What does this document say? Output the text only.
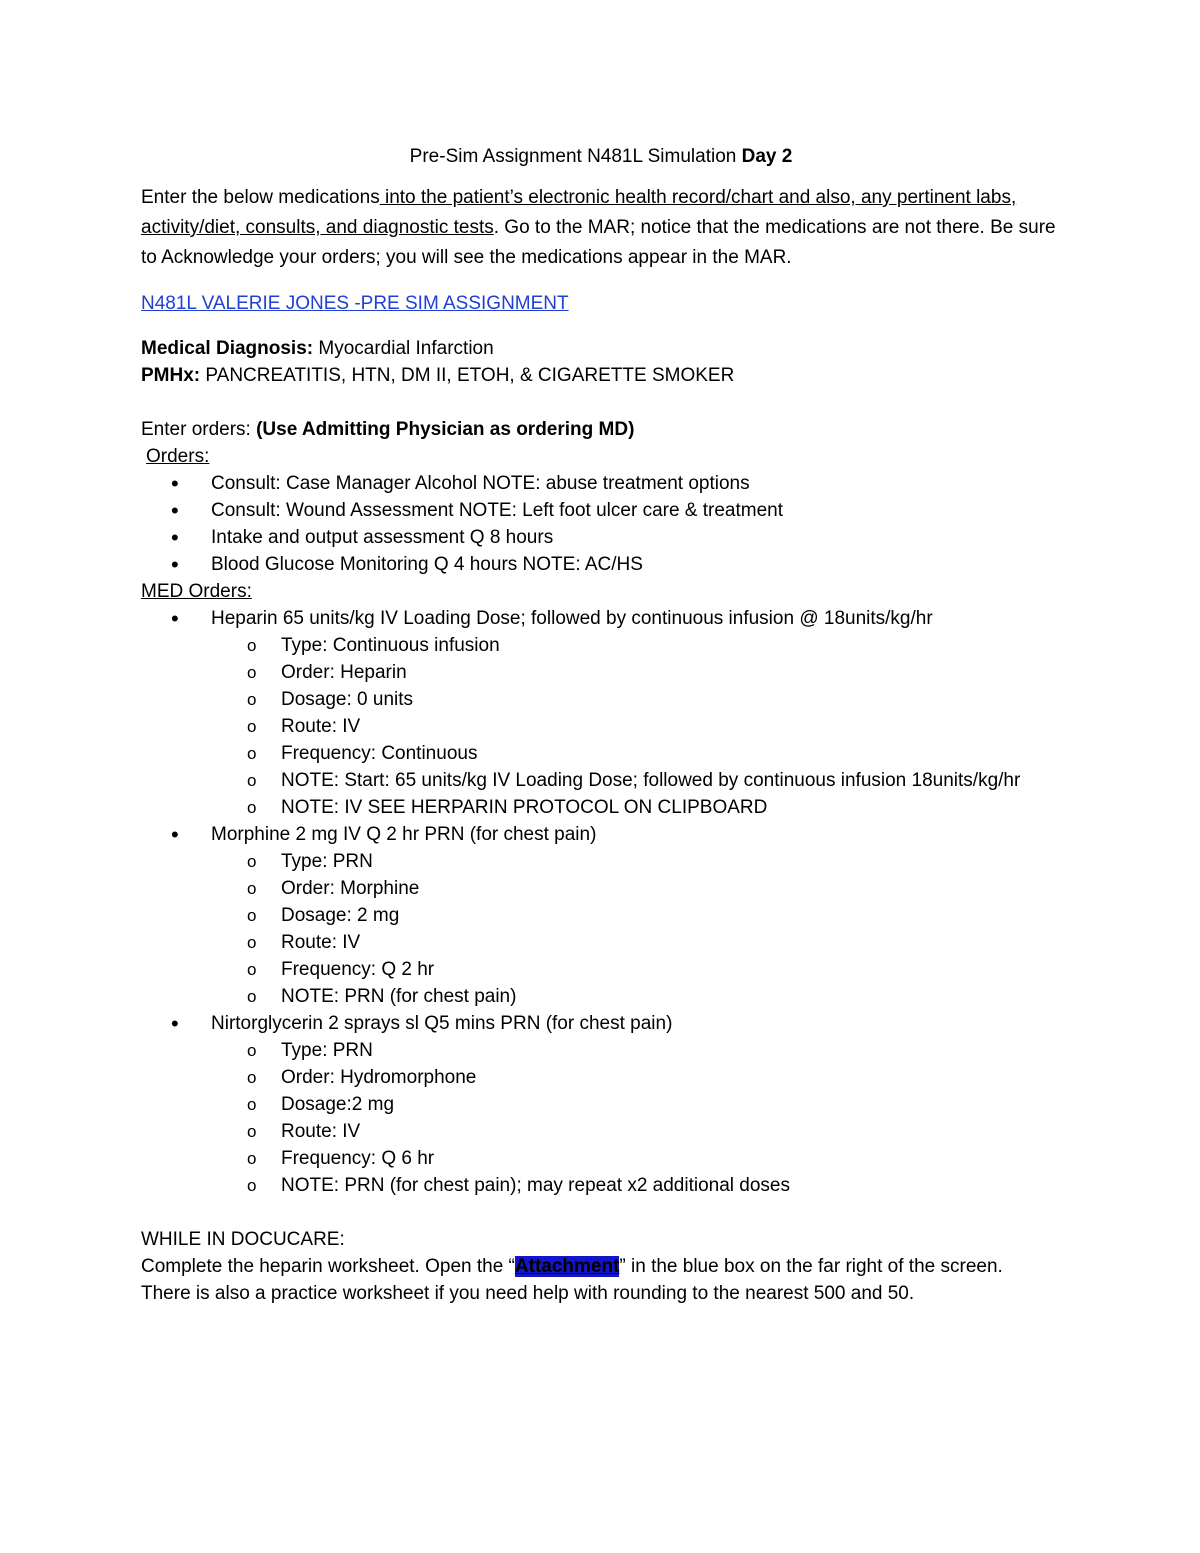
Pre-Sim Assignment N481L Simulation Day 2

Enter the below medications into the patient’s electronic health record/chart and also, any pertinent labs, activity/diet, consults, and diagnostic tests. Go to the MAR; notice that the medications are not there. Be sure to Acknowledge your orders; you will see the medications appear in the MAR.

N481L VALERIE JONES -PRE SIM ASSIGNMENT

Medical Diagnosis: Myocardial Infarction

PMHx: PANCREATITIS, HTN, DM II, ETOH, & CIGARETTE SMOKER

Enter orders: (Use Admitting Physician as ordering MD)

Orders:

• Consult: Case Manager Alcohol NOTE: abuse treatment options
• Consult: Wound Assessment NOTE: Left foot ulcer care & treatment
• Intake and output assessment Q 8 hours
• Blood Glucose Monitoring Q 4 hours NOTE: AC/HS

MED Orders:

• Heparin 65 units/kg IV Loading Dose; followed by continuous infusion @ 18units/kg/hr
o Type: Continuous infusion
o Order: Heparin
o Dosage: 0 units
o Route: IV
o Frequency: Continuous
o NOTE: Start: 65 units/kg IV Loading Dose; followed by continuous infusion 18units/kg/hr
o NOTE: IV SEE HERPARIN PROTOCOL ON CLIPBOARD
• Morphine 2 mg IV Q 2 hr PRN (for chest pain)
o Type: PRN
o Order: Morphine
o Dosage: 2 mg
o Route: IV
o Frequency: Q 2 hr
o NOTE: PRN (for chest pain)
• Nirtorglycerin 2 sprays sl Q5 mins PRN (for chest pain)
o Type: PRN
o Order: Hydromorphone
o Dosage:2 mg
o Route: IV
o Frequency: Q 6 hr
o NOTE: PRN (for chest pain); may repeat x2 additional doses

WHILE IN DOCUCARE:

Complete the heparin worksheet. Open the “Attachment” in the blue box on the far right of the screen.

There is also a practice worksheet if you need help with rounding to the nearest 500 and 50.
